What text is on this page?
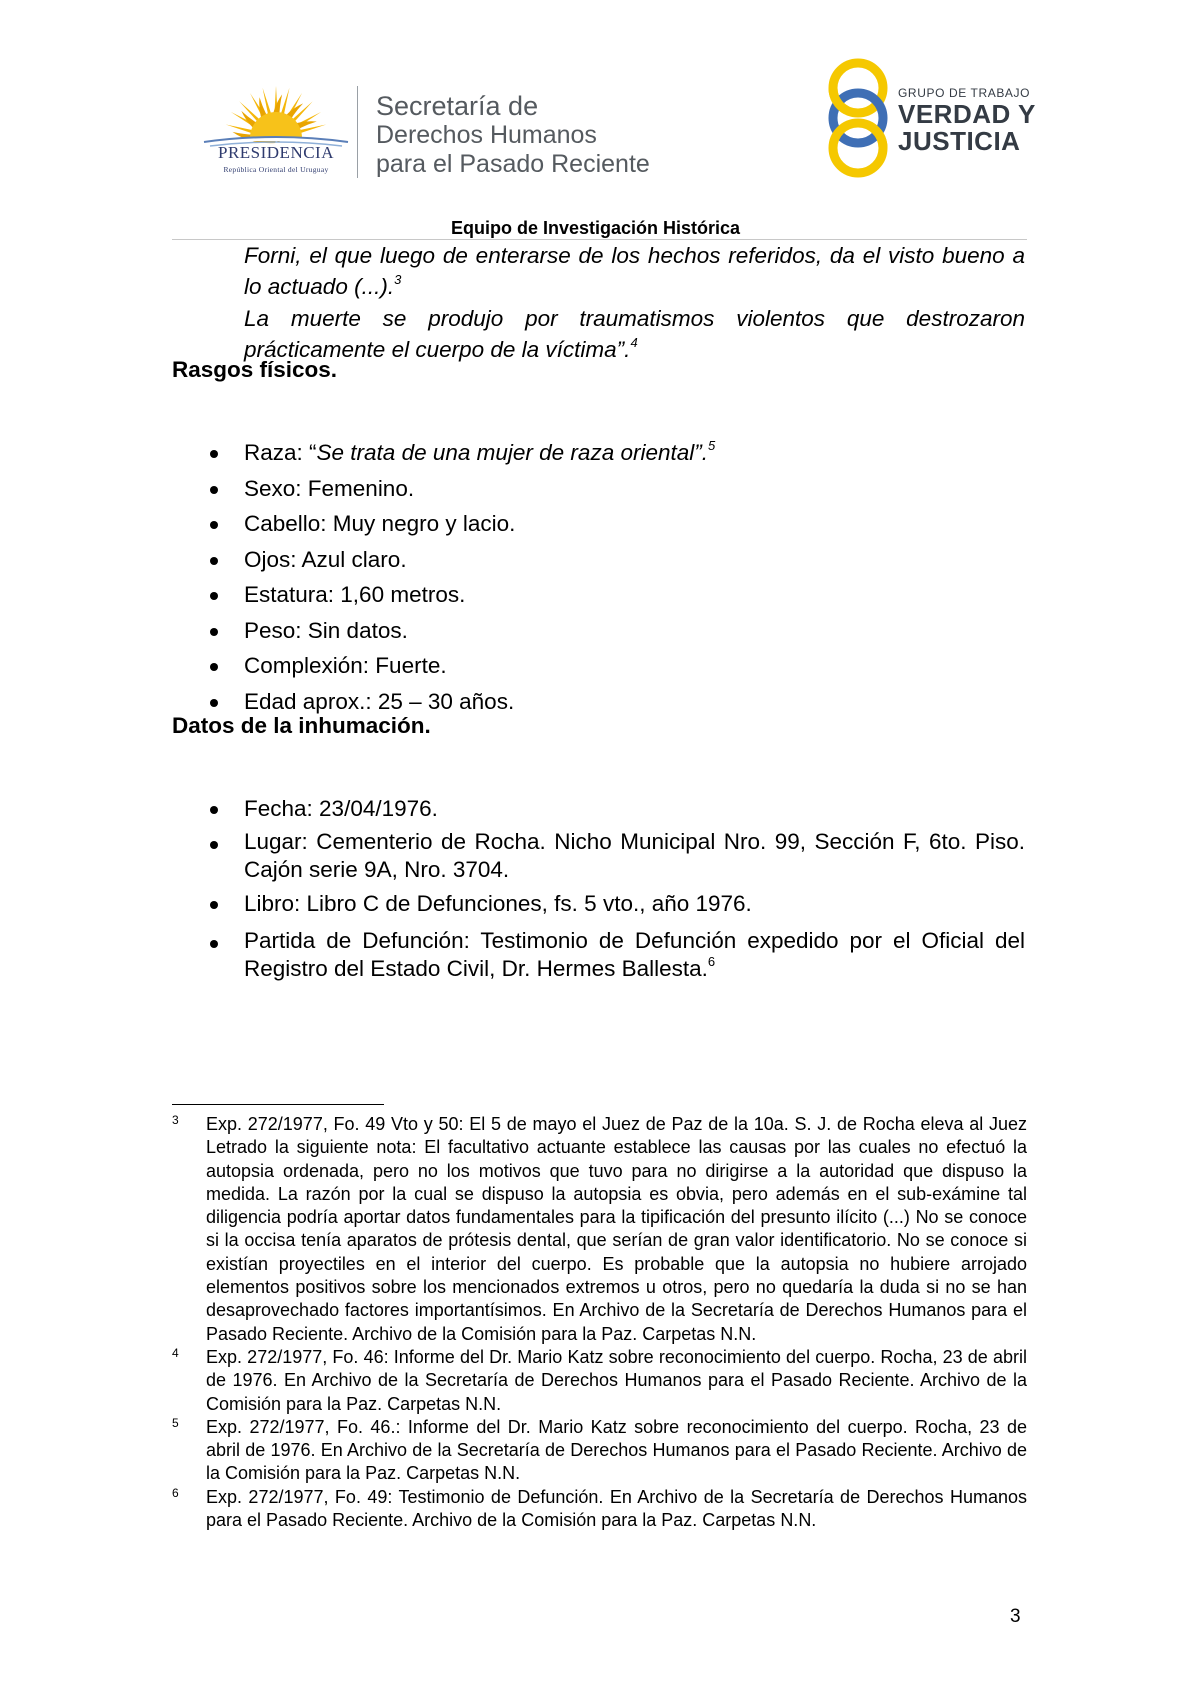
PRESIDENCIA
República Oriental del Uruguay
Secretaría de
Derechos Humanos
para el Pasado Reciente
GRUPO DE TRABAJO
VERDAD Y
JUSTICIA
Equipo de Investigación Histórica
Forni, el que luego de enterarse de los hechos referidos, da el visto bueno a lo actuado (...).$^3$
La muerte se produjo por traumatismos violentos que destrozaron prácticamente el cuerpo de la víctima”.$^4$
Rasgos físicos.
Raza: “Se trata de una mujer de raza oriental”.$^5$
Sexo: Femenino.
Cabello: Muy negro y lacio.
Ojos: Azul claro.
Estatura: 1,60 metros.
Peso: Sin datos.
Complexión: Fuerte.
Edad aprox.: 25 – 30 años.
Datos de la inhumación.
Fecha: 23/04/1976.
Lugar: Cementerio de Rocha. Nicho Municipal Nro. 99, Sección F, 6to. Piso. Cajón serie 9A, Nro. 3704.
Libro: Libro C de Defunciones, fs. 5 vto., año 1976.
Partida de Defunción: Testimonio de Defunción expedido por el Oficial del Registro del Estado Civil, Dr. Hermes Ballesta.$^6$
3 Exp. 272/1977, Fo. 49 Vto y 50: El 5 de mayo el Juez de Paz de la 10a. S. J. de Rocha eleva al Juez Letrado la siguiente nota: El facultativo actuante establece las causas por las cuales no efectuó la autopsia ordenada, pero no los motivos que tuvo para no dirigirse a la autoridad que dispuso la medida. La razón por la cual se dispuso la autopsia es obvia, pero además en el sub-exámine tal diligencia podría aportar datos fundamentales para la tipificación del presunto ilícito (...) No se conoce si la occisa tenía aparatos de prótesis dental, que serían de gran valor identificatorio. No se conoce si existían proyectiles en el interior del cuerpo. Es probable que la autopsia no hubiere arrojado elementos positivos sobre los mencionados extremos u otros, pero no quedaría la duda si no se han desaprovechado factores importantísimos. En Archivo de la Secretaría de Derechos Humanos para el Pasado Reciente. Archivo de la Comisión para la Paz. Carpetas N.N.
4 Exp. 272/1977, Fo. 46: Informe del Dr. Mario Katz sobre reconocimiento del cuerpo. Rocha, 23 de abril de 1976. En Archivo de la Secretaría de Derechos Humanos para el Pasado Reciente. Archivo de la Comisión para la Paz. Carpetas N.N.
5 Exp. 272/1977, Fo. 46.: Informe del Dr. Mario Katz sobre reconocimiento del cuerpo. Rocha, 23 de abril de 1976. En Archivo de la Secretaría de Derechos Humanos para el Pasado Reciente. Archivo de la Comisión para la Paz. Carpetas N.N.
6 Exp. 272/1977, Fo. 49: Testimonio de Defunción. En Archivo de la Secretaría de Derechos Humanos para el Pasado Reciente. Archivo de la Comisión para la Paz. Carpetas N.N.
3
